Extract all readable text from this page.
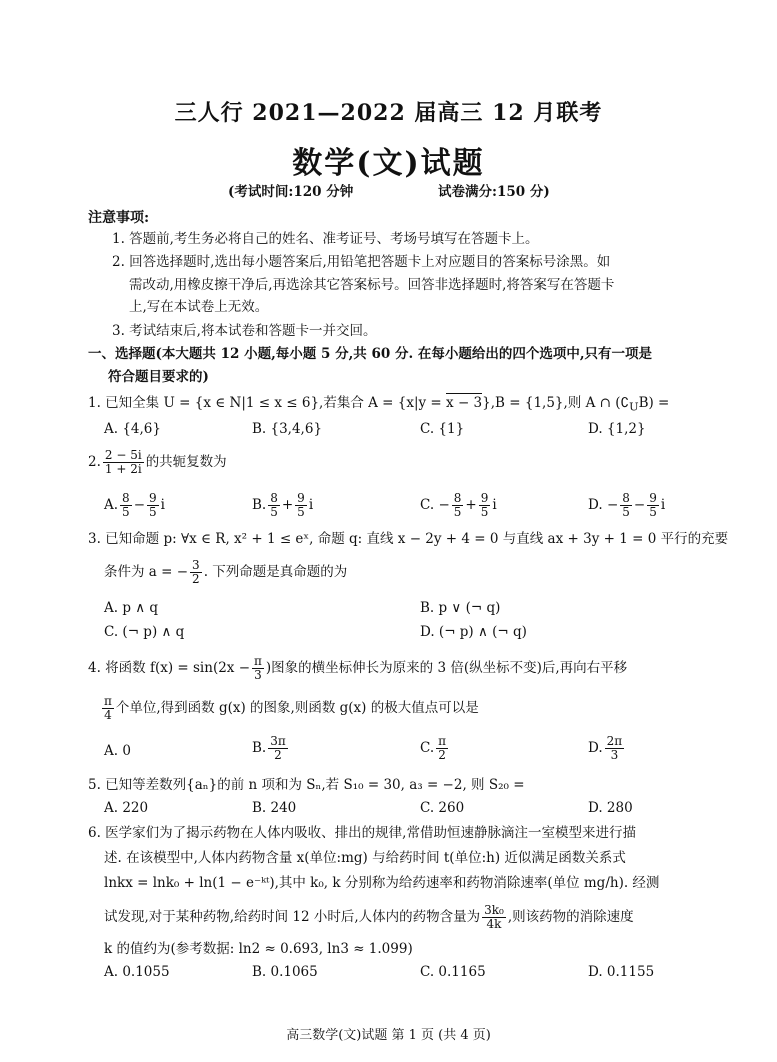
三人行 2021—2022 届高三 12 月联考
数学(文)试题
(考试时间:120 分钟	试卷满分:150 分)
注意事项:
1. 答题前,考生务必将自己的姓名、准考证号、考场号填写在答题卡上。
2. 回答选择题时,选出每小题答案后,用铅笔把答题卡上对应题目的答案标号涂黑。如
需改动,用橡皮擦干净后,再选涂其它答案标号。回答非选择题时,将答案写在答题卡
上,写在本试卷上无效。
3. 考试结束后,将本试卷和答题卡一并交回。
一、选择题(本大题共 12 小题,每小题 5 分,共 60 分. 在每小题给出的四个选项中,只有一项是
符合题目要求的)
1. 已知全集 U = {x ∈ N|1 ≤ x ≤ 6},若集合 A = {x|y = x − 3},B = {1,5},则 A ∩ $(∁_UB)$ =
A. {4,6}	B. {3,4,6}	C. {1}	D. {1,2}
2. $\frac{2 - 5i}{1 + 2i}$ 的共轭复数为
A. $\frac{8}{5} - \frac{9}{5}$ i	B. $\frac{8}{5} + \frac{9}{5}$ i	C. − $\frac{8}{5} + \frac{9}{5}$ i	D. − $\frac{8}{5} - \frac{9}{5}$ i
3. 已知命题 p: ∀x ∈ R, x² + 1 ≤ eˣ, 命题 q: 直线 x − 2y + 4 = 0 与直线 ax + 3y + 1 = 0 平行的充要
条件为 a = − $\frac{3}{2}$ . 下列命题是真命题的为
A. p ∧ q	B. p ∨ (¬ q)
C. (¬ p) ∧ q	D. (¬ p) ∧ (¬ q)
4. 将函数 $f(x) = \sin(2x - \frac{\pi}{3}$ )图象的横坐标伸长为原来的 3 倍(纵坐标不变)后,再向右平移
$\frac{\pi}{4}$ 个单位,得到函数 g(x) 的图象,则函数 g(x) 的极大值点可以是
A. 0	B. $\frac{3\pi}{2}$	C. $\frac{\pi}{2}$	D. $\frac{2\pi}{3}$
5. 已知等差数列{aₙ}的前 n 项和为 Sₙ,若 S₁₀ = 30, a₃ = −2, 则 S₂₀ =
A. 220	B. 240	C. 260	D. 280
6. 医学家们为了揭示药物在人体内吸收、排出的规律,常借助恒速静脉滴注一室模型来进行描
述. 在该模型中,人体内药物含量 x(单位:mg) 与给药时间 t(单位:h) 近似满足函数关系式
lnkx = lnk₀ + ln(1 − e⁻ᵏᵗ),其中 k₀, k 分别称为给药速率和药物消除速率(单位 mg/h). 经测
试发现,对于某种药物,给药时间 12 小时后,人体内的药物含量为 $\frac{\text{3k₀}}{4k}$ ,则该药物的消除速度
k 的值约为(参考数据: ln2 ≈ 0.693, ln3 ≈ 1.099)
A. 0.1055	B. 0.1065	C. 0.1165	D. 0.1155
高三数学(文)试题 第 1 页 (共 4 页)
